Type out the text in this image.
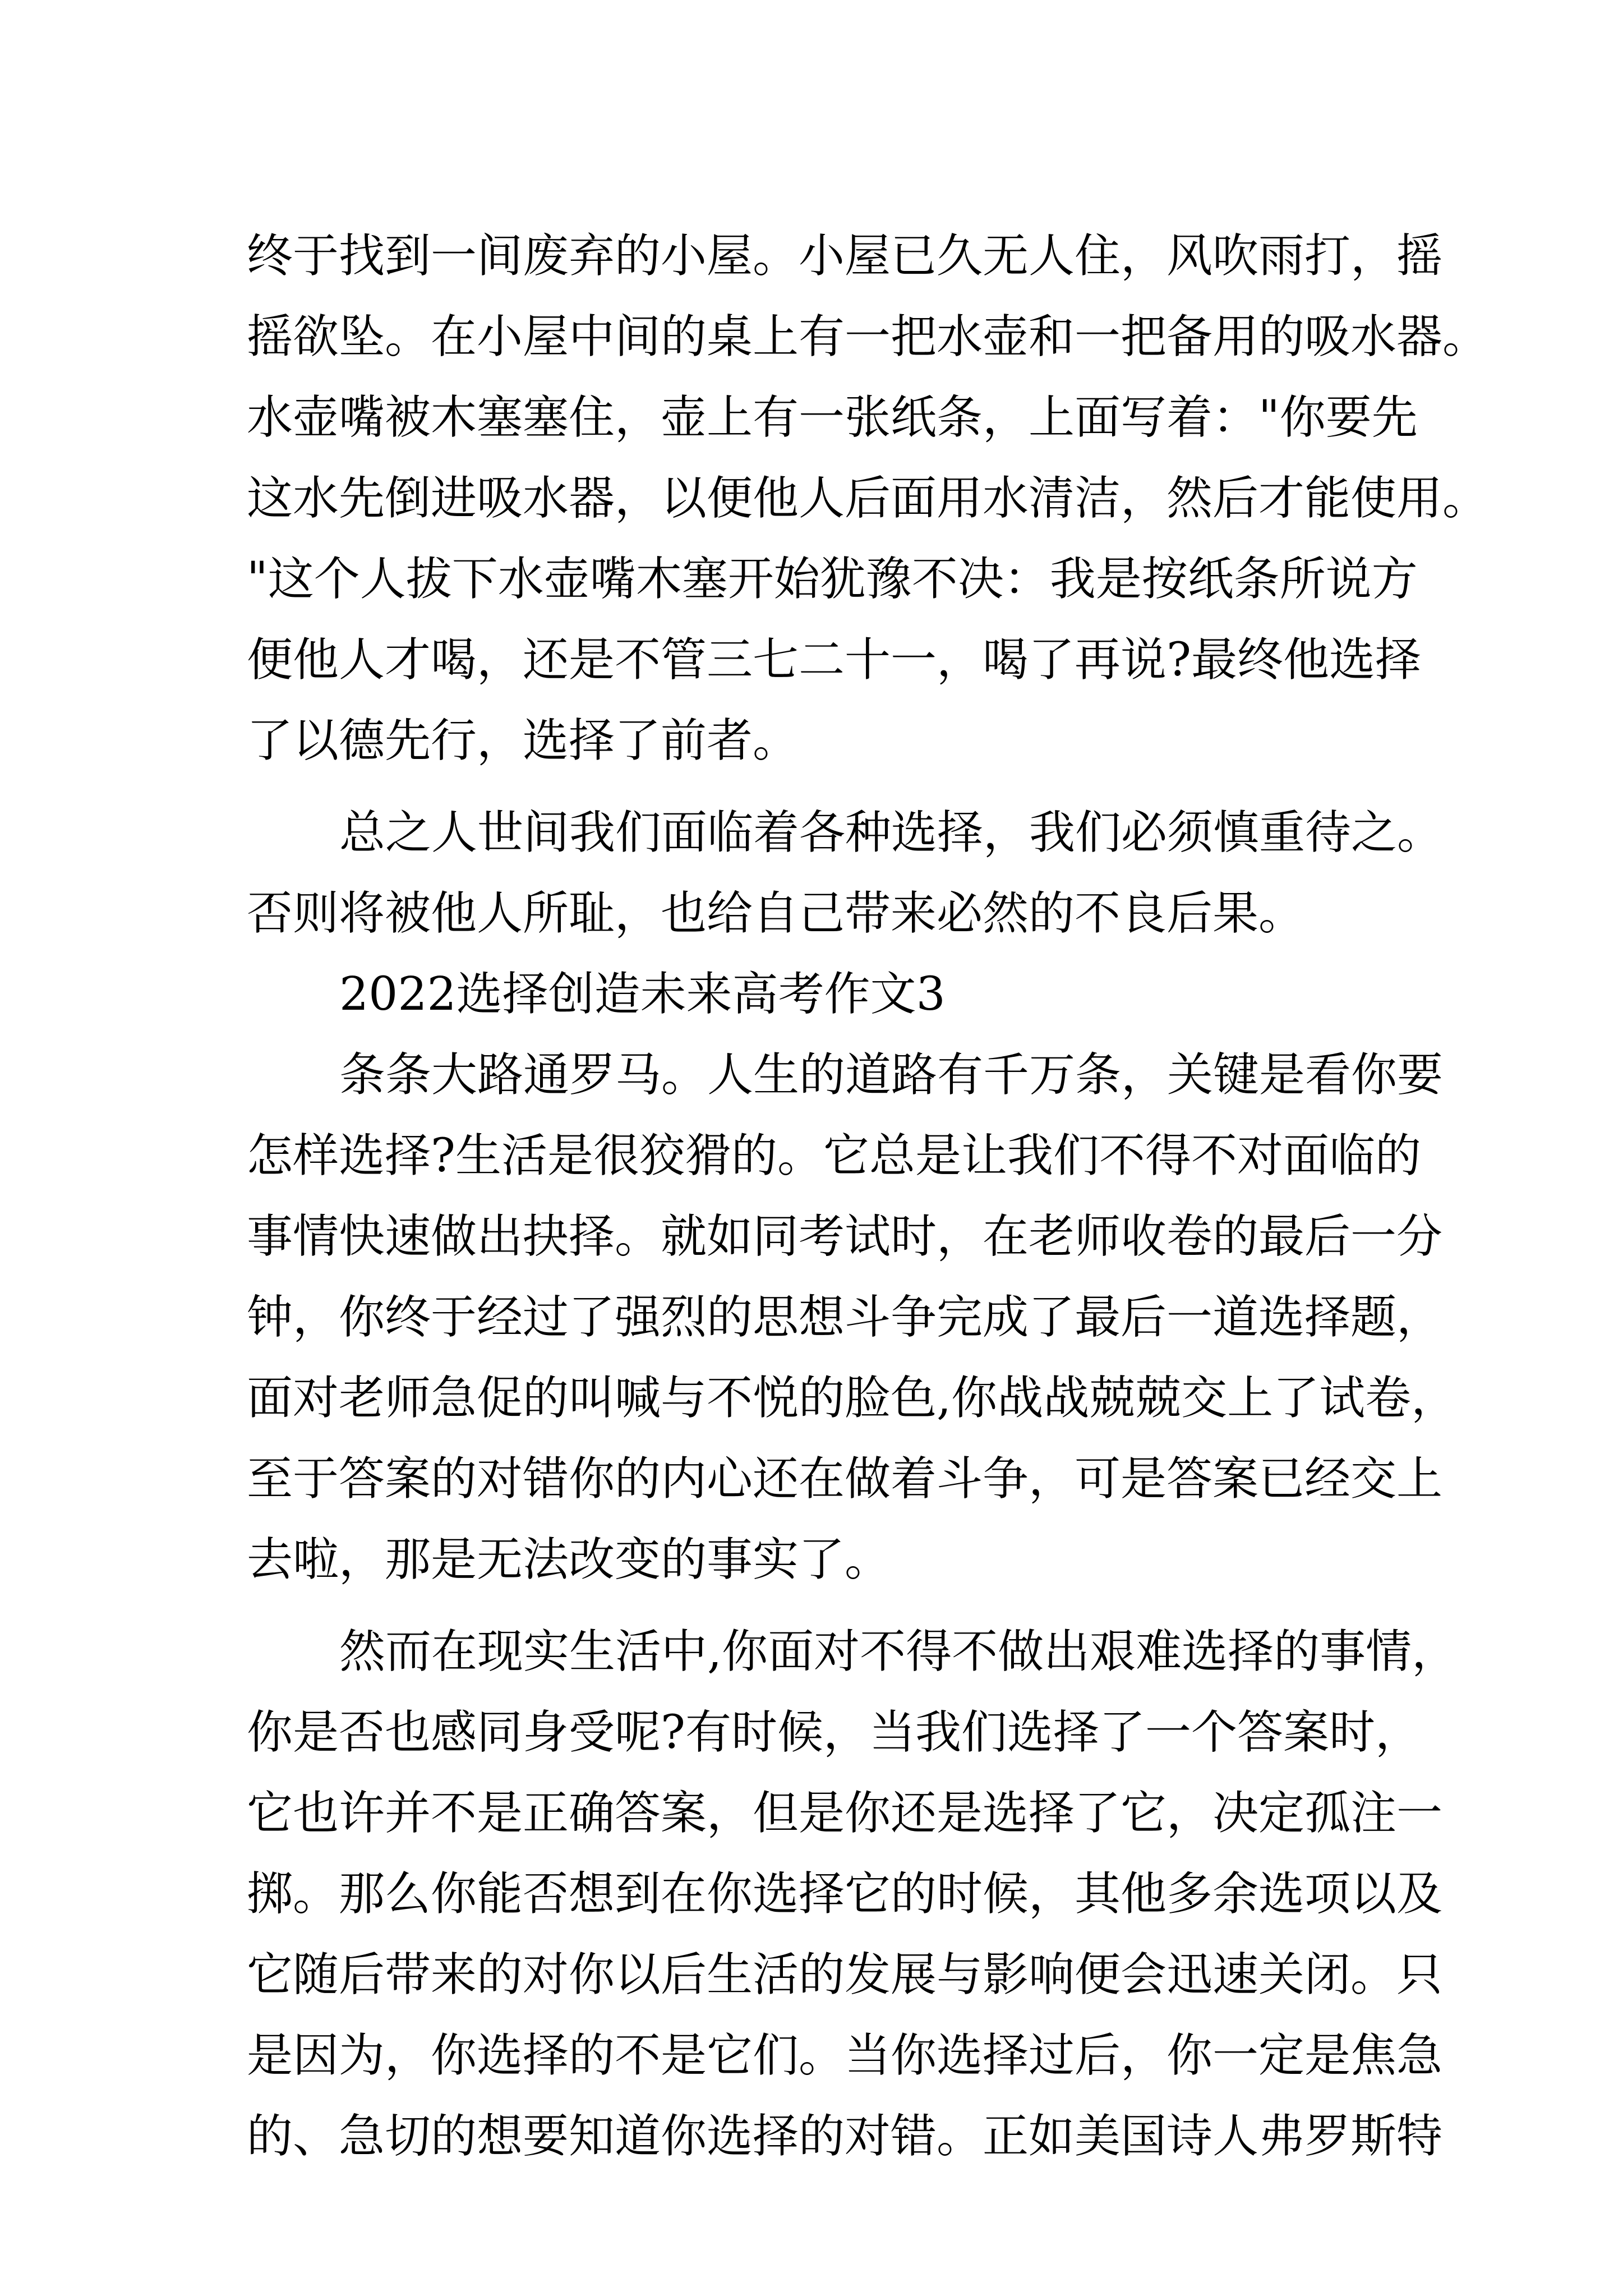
终于找到一间废弃的小屋。小屋已久无人住，风吹雨打，摇
摇欲坠。在小屋中间的桌上有一把水壶和一把备用的吸水器。
水壶嘴被木塞塞住，壶上有一张纸条，上面写着："你要先
这水先倒进吸水器，以便他人后面用水清洁，然后才能使用。
"这个人拔下水壶嘴木塞开始犹豫不决：我是按纸条所说方
便他人才喝，还是不管三七二十一，喝了再说?最终他选择
了以德先行，选择了前者。
总之人世间我们面临着各种选择，我们必须慎重待之。
否则将被他人所耻，也给自己带来必然的不良后果。
2022选择创造未来高考作文3
条条大路通罗马。人生的道路有千万条，关键是看你要
怎样选择?生活是很狡猾的。它总是让我们不得不对面临的
事情快速做出抉择。就如同考试时，在老师收卷的最后一分
钟，你终于经过了强烈的思想斗争完成了最后一道选择题，
面对老师急促的叫喊与不悦的脸色,你战战兢兢交上了试卷，
至于答案的对错你的内心还在做着斗争，可是答案已经交上
去啦，那是无法改变的事实了。
然而在现实生活中,你面对不得不做出艰难选择的事情，
你是否也感同身受呢?有时候，当我们选择了一个答案时，
它也许并不是正确答案，但是你还是选择了它，决定孤注一
掷。那么你能否想到在你选择它的时候，其他多余选项以及
它随后带来的对你以后生活的发展与影响便会迅速关闭。只
是因为，你选择的不是它们。当你选择过后，你一定是焦急
的、急切的想要知道你选择的对错。正如美国诗人弗罗斯特
